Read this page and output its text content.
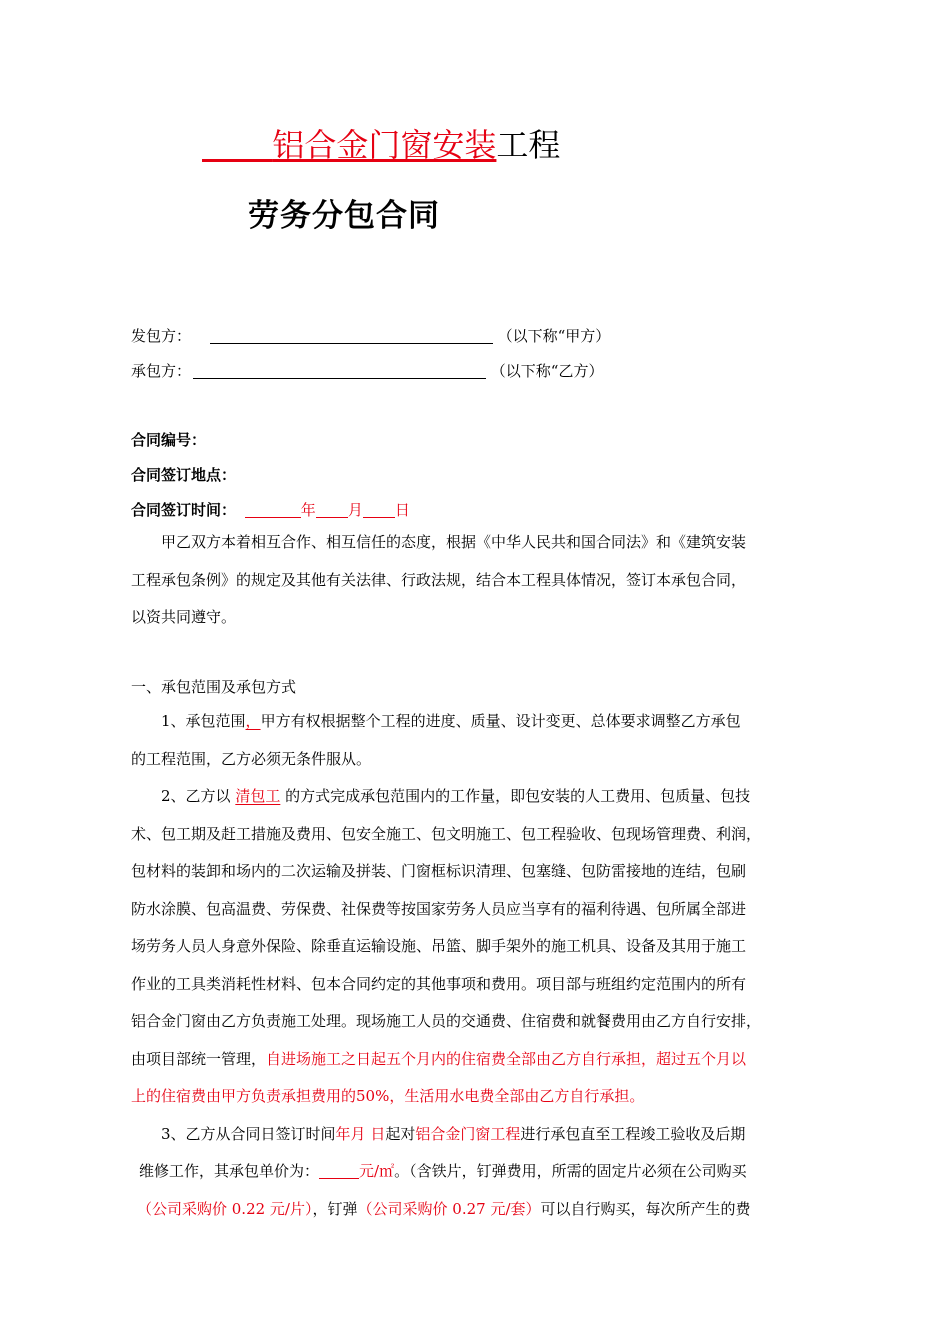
　　 铝合金门窗安装工程
劳务分包合同
发包方：	（以下称“甲方）
承包方：	（以下称“乙方）
合同编号：
合同签订地点：
合同签订时间：	年 月 日
甲乙双方本着相互合作、相互信任的态度，根据《中华人民共和国合同法》和《建筑安装
工程承包条例》的规定及其他有关法律、行政法规，结合本工程具体情况，签订本承包合同，
以资共同遵守。
一、承包范围及承包方式
1、承包范围，甲方有权根据整个工程的进度、质量、设计变更、总体要求调整乙方承包
的工程范围，乙方必须无条件服从。
2、乙方以 清包工 的方式完成承包范围内的工作量，即包安装的人工费用、包质量、包技
术、包工期及赶工措施及费用、包安全施工、包文明施工、包工程验收、包现场管理费、利润，
包材料的装卸和场内的二次运输及拼装、门窗框标识清理、包塞缝、包防雷接地的连结，包刷
防水涂膜、包高温费、劳保费、社保费等按国家劳务人员应当享有的福利待遇、包所属全部进
场劳务人员人身意外保险、除垂直运输设施、吊篮、脚手架外的施工机具、设备及其用于施工
作业的工具类消耗性材料、包本合同约定的其他事项和费用。项目部与班组约定范围内的所有
铝合金门窗由乙方负责施工处理。现场施工人员的交通费、住宿费和就餐费用由乙方自行安排，
由项目部统一管理，自进场施工之日起五个月内的住宿费全部由乙方自行承担，超过五个月以
上的住宿费由甲方负责承担费用的50%，生活用水电费全部由乙方自行承担。
3、乙方从合同日签订时间年月 日起对铝合金门窗工程进行承包直至工程竣工验收及后期
维修工作，其承包单价为：	元/㎡。（含铁片，钉弹费用，所需的固定片必须在公司购买
（公司采购价 0.22 元/片），钉弹（公司采购价 0.27 元/套）可以自行购买，每次所产生的费
